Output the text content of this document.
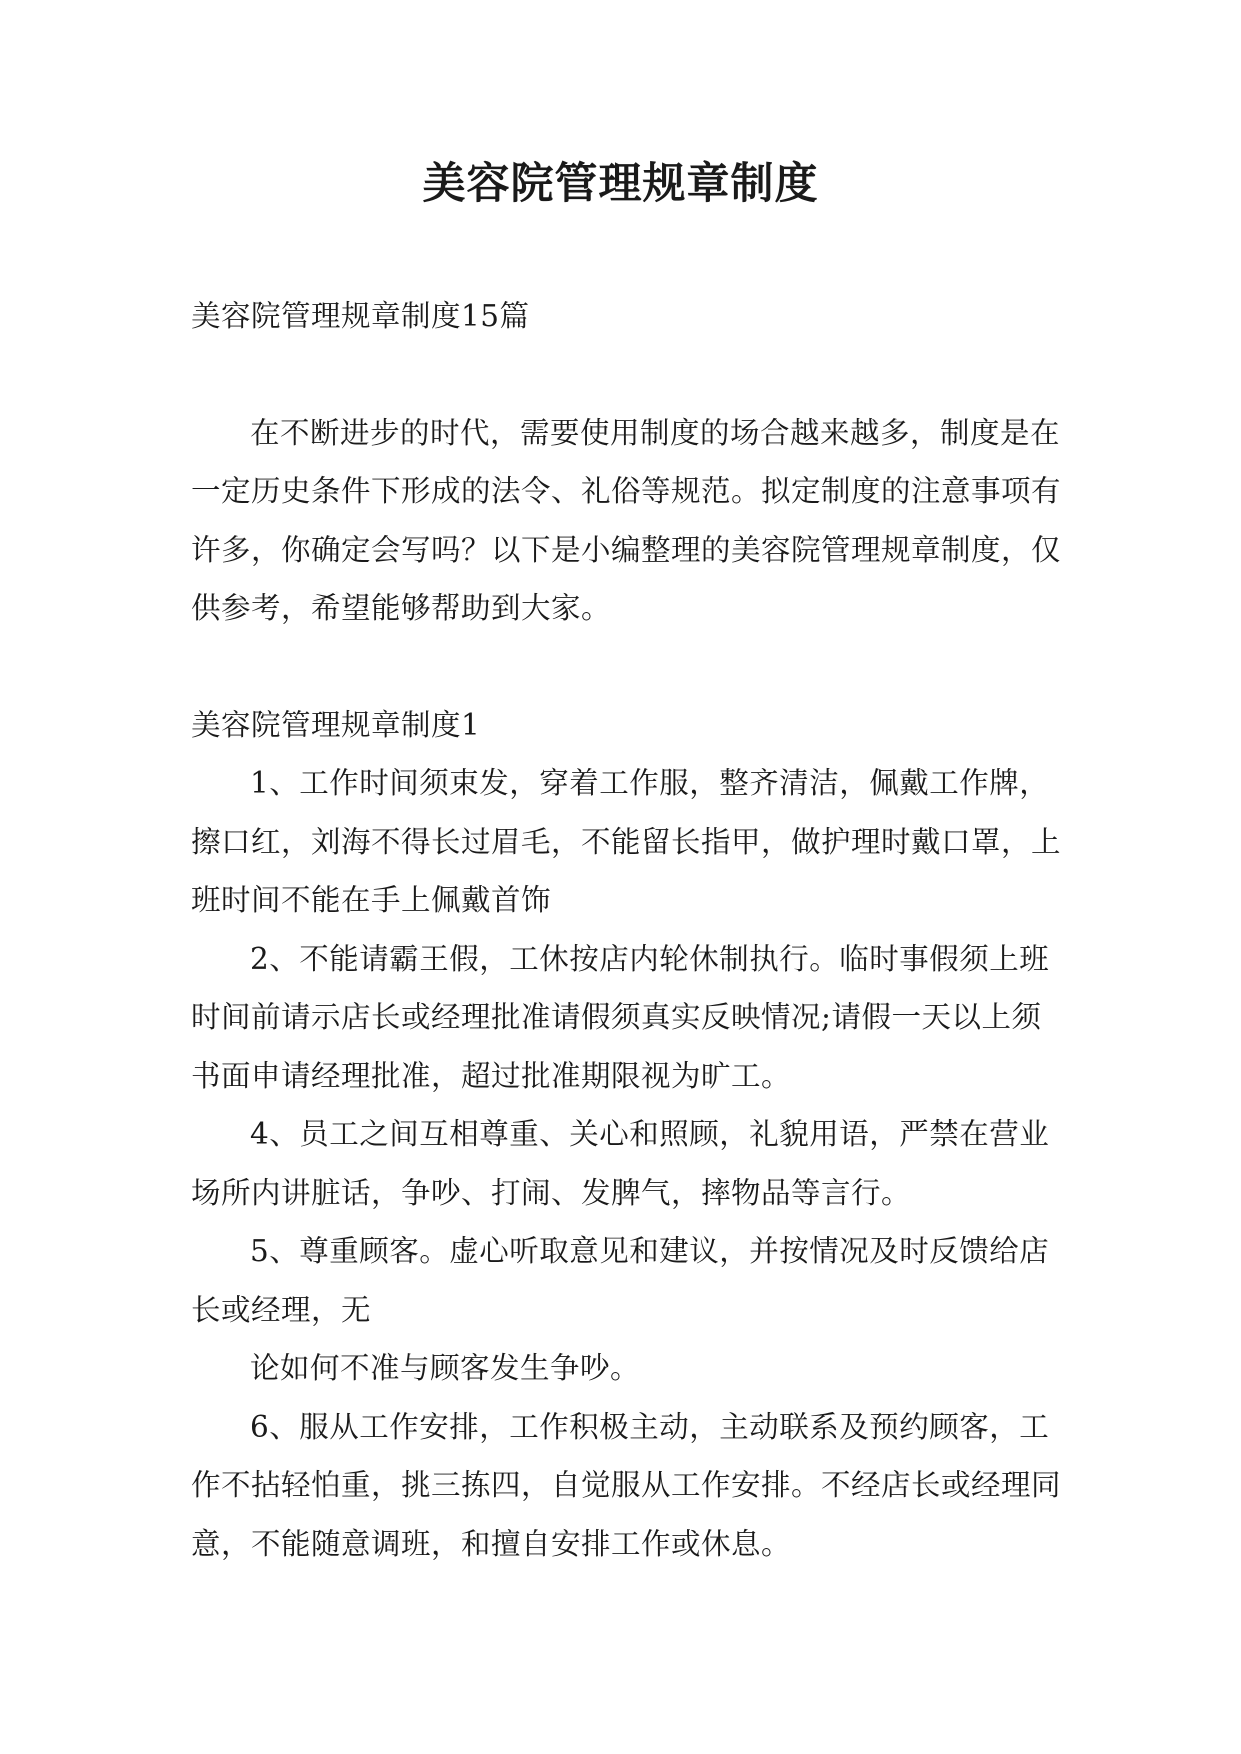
美容院管理规章制度

美容院管理规章制度15篇

在不断进步的时代，需要使用制度的场合越来越多，制度是在一定历史条件下形成的法令、礼俗等规范。拟定制度的注意事项有许多，你确定会写吗？以下是小编整理的美容院管理规章制度，仅供参考，希望能够帮助到大家。

美容院管理规章制度1

1、工作时间须束发，穿着工作服，整齐清洁，佩戴工作牌，擦口红，刘海不得长过眉毛，不能留长指甲，做护理时戴口罩，上班时间不能在手上佩戴首饰

2、不能请霸王假，工休按店内轮休制执行。临时事假须上班时间前请示店长或经理批准请假须真实反映情况;请假一天以上须书面申请经理批准，超过批准期限视为旷工。

4、员工之间互相尊重、关心和照顾，礼貌用语，严禁在营业场所内讲脏话，争吵、打闹、发脾气，摔物品等言行。

5、尊重顾客。虚心听取意见和建议，并按情况及时反馈给店长或经理，无

论如何不准与顾客发生争吵。

6、服从工作安排，工作积极主动，主动联系及预约顾客，工作不拈轻怕重，挑三拣四，自觉服从工作安排。不经店长或经理同意，不能随意调班，和擅自安排工作或休息。
